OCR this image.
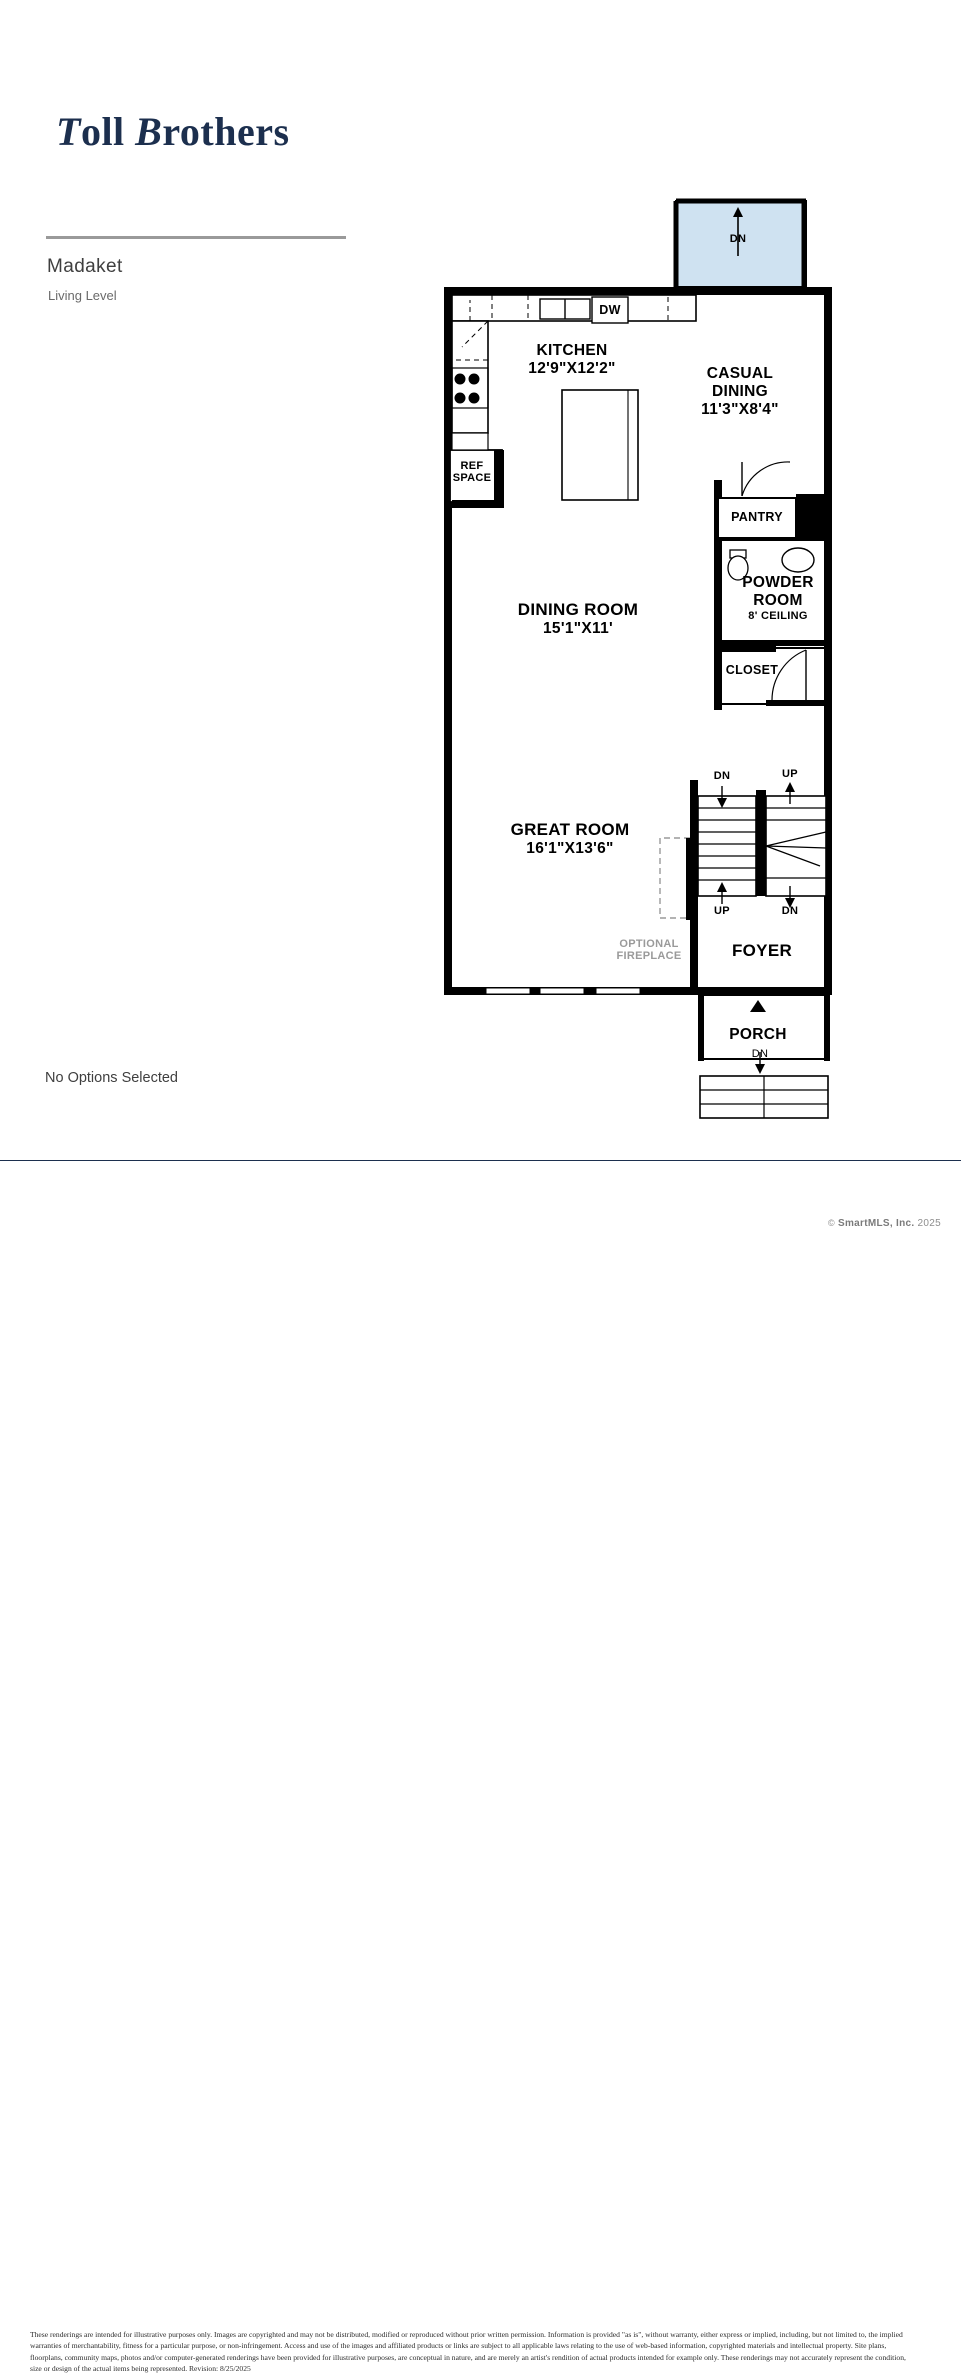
Toll Brothers
Madaket
Living Level
No Options Selected
KITCHEN
12'9"X12'2"	CASUAL
DINING
11'3"X8'4"
DINING ROOM
15'1"X11'
GREAT ROOM
16'1"X13'6"
POWDER
ROOM
8' CEILING
PANTRY
CLOSET
FOYER
PORCH
REF
SPACE
DW
OPTIONAL
FIREPLACE
DN
DN	UP
UP	DN
DN
These renderings are intended for illustrative purposes only. Images are copyrighted and may not be distributed, modified or reproduced without prior written permission. Information is provided "as is", without warranty, either express or implied, including, but not limited to, the implied warranties of merchantability, fitness for a particular purpose, or non-infringement. Access and use of the images and affiliated products or links are subject to all applicable laws relating to the use of web-based information, copyrighted materials and intellectual property. Site plans, floorplans, community maps, photos and/or computer-generated renderings have been provided for illustrative purposes, are conceptual in nature, and are merely an artist's rendition of actual products intended for example only. These renderings may not accurately represent the condition, size or design of the actual items being represented. Revision: 8/25/2025
© SmartMLS, Inc. 2025
